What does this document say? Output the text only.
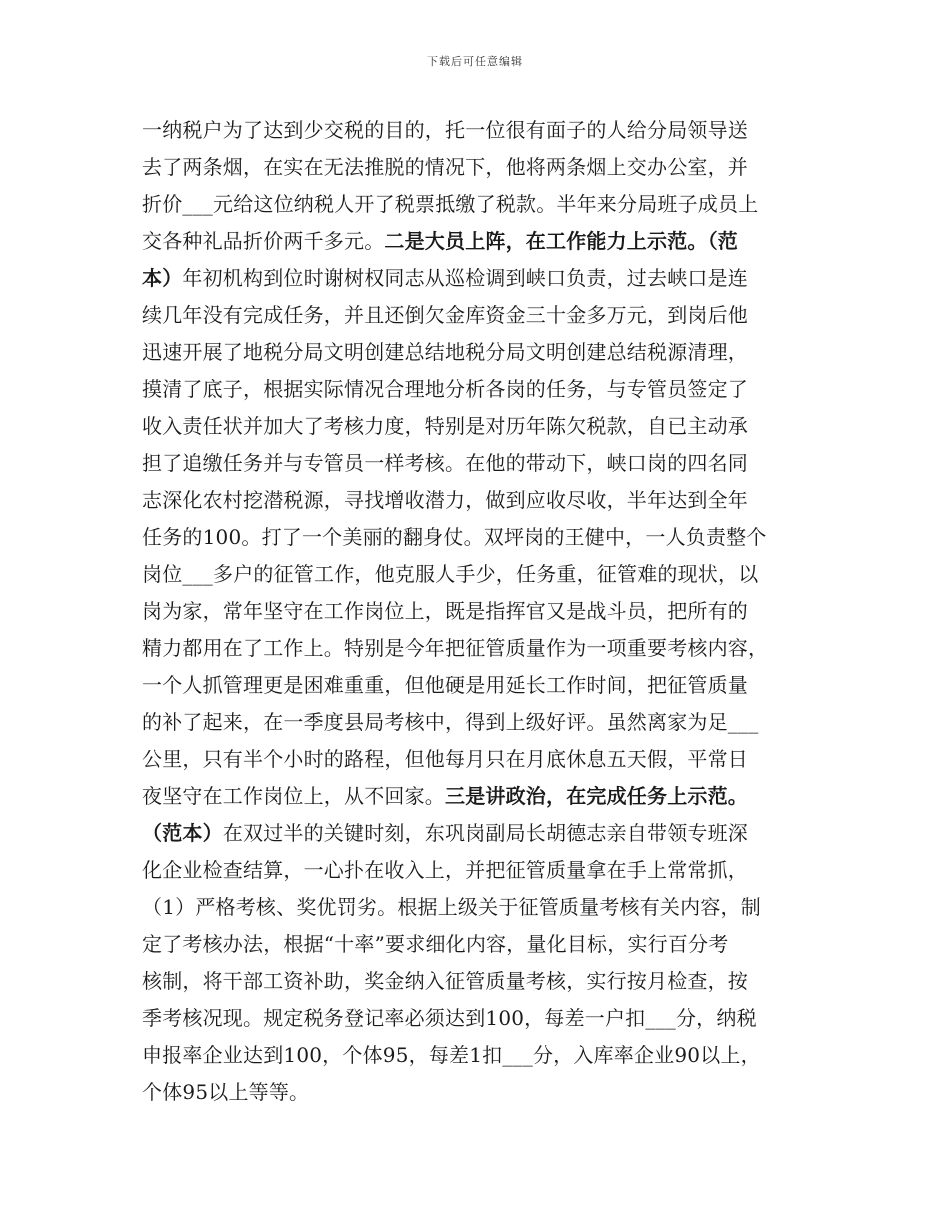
下载后可任意编辑
一纳税户为了达到少交税的目的，托一位很有面子的人给分局领导送
去了两条烟，在实在无法推脱的情况下，他将两条烟上交办公室，并
折价___元给这位纳税人开了税票抵缴了税款。半年来分局班子成员上
交各种礼品折价两千多元。二是大员上阵，在工作能力上示范。（范
本）年初机构到位时谢树权同志从巡检调到峡口负责，过去峡口是连
续几年没有完成任务，并且还倒欠金库资金三十金多万元，到岗后他
迅速开展了地税分局文明创建总结地税分局文明创建总结税源清理，
摸清了底子，根据实际情况合理地分析各岗的任务，与专管员签定了
收入责任状并加大了考核力度，特别是对历年陈欠税款，自已主动承
担了追缴任务并与专管员一样考核。在他的带动下，峡口岗的四名同
志深化农村挖潜税源，寻找增收潜力，做到应收尽收，半年达到全年
任务的100。打了一个美丽的翻身仗。双坪岗的王健中，一人负责整个
岗位___多户的征管工作，他克服人手少，任务重，征管难的现状，以
岗为家，常年坚守在工作岗位上，既是指挥官又是战斗员，把所有的
精力都用在了工作上。特别是今年把征管质量作为一项重要考核内容，
一个人抓管理更是困难重重，但他硬是用延长工作时间，把征管质量
的补了起来，在一季度县局考核中，得到上级好评。虽然离家为足___
公里，只有半个小时的路程，但他每月只在月底休息五天假，平常日
夜坚守在工作岗位上，从不回家。三是讲政治，在完成任务上示范。
（范本）在双过半的关键时刻，东巩岗副局长胡德志亲自带领专班深
化企业检查结算，一心扑在收入上，并把征管质量拿在手上常常抓，
（1）严格考核、奖优罚劣。根据上级关于征管质量考核有关内容，制
定了考核办法，根据“十率”要求细化内容，量化目标，实行百分考
核制，将干部工资补助，奖金纳入征管质量考核，实行按月检查，按
季考核况现。规定税务登记率必须达到100，每差一户扣___分，纳税
申报率企业达到100，个体95，每差1扣___分，入库率企业90以上，
个体95以上等等。
